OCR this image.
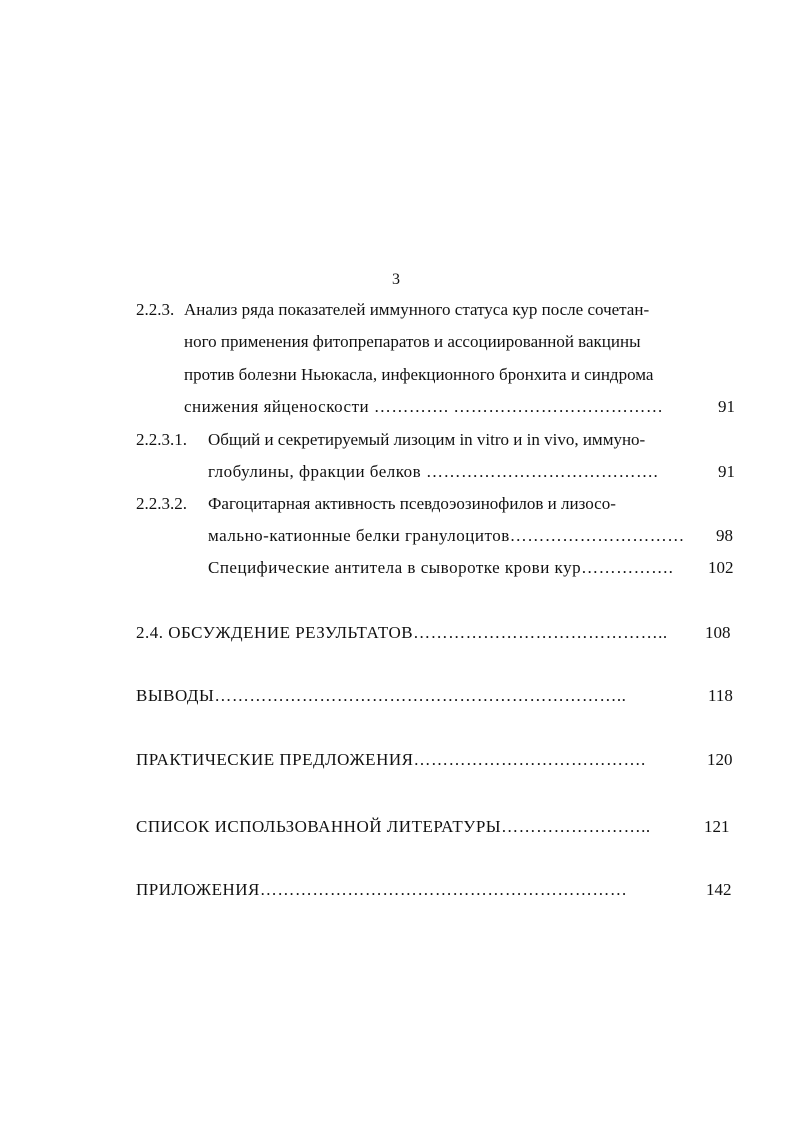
3
2.2.3. Анализ ряда показателей иммунного статуса кур после сочетан-
ного применения фитопрепаратов и ассоциированной вакцины
против болезни Ньюкасла, инфекционного бронхита и синдрома
снижения яйценоскости …………. ………………………………	91
2.2.3.1. Общий и секретируемый лизоцим in vitro и in vivo, иммуно-
глобулины, фракции белков ………………………………….	91
2.2.3.2. Фагоцитарная активность псевдоэозинофилов и лизосо-
мально-катионные белки гранулоцитов………………………… 98
Специфические антитела в сыворотке крови кур……………. 102
2.4. ОБСУЖДЕНИЕ РЕЗУЛЬТАТОВ…………………………………….. 108
ВЫВОДЫ……………………………………………………………..	118
ПРАКТИЧЕСКИЕ ПРЕДЛОЖЕНИЯ………………………………….	120
СПИСОК ИСПОЛЬЗОВАННОЙ ЛИТЕРАТУРЫ……………………..	121
ПРИЛОЖЕНИЯ………………………………………………………	142
